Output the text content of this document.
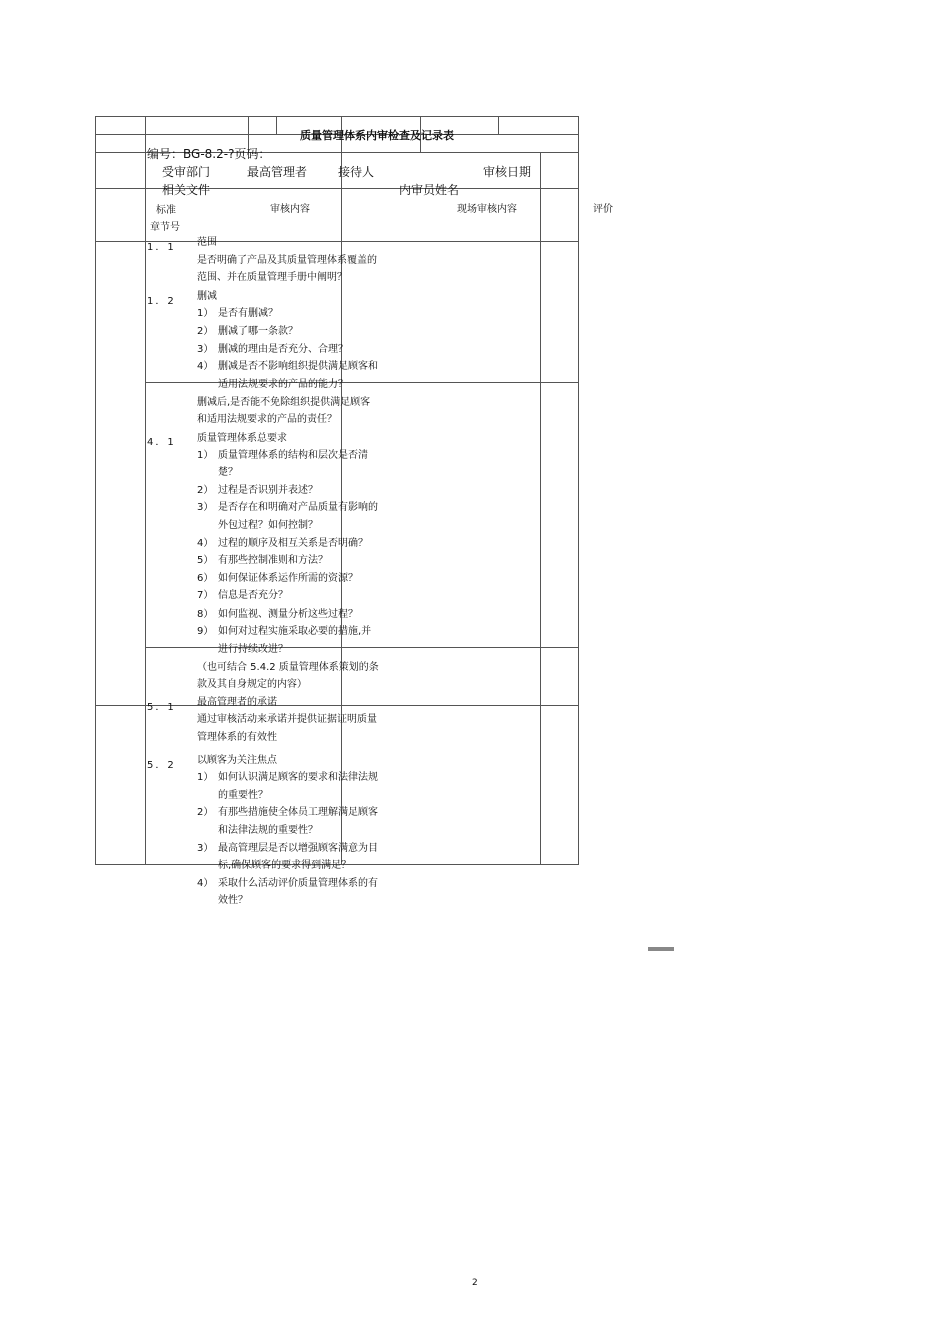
质量管理体系内审检查及记录表
编号：BG-8.2-?页码：
受审部门	最高管理者	接待人	审核日期
相关文件	内审员姓名
标准
章节号
审核内容	现场审核内容	评价
1．1 范围
是否明确了产品及其质量管理体系覆盖的
范围、并在质量管理手册中阐明？
1．2 删减
1） 是否有删减？
2） 删减了哪一条款？
3） 删减的理由是否充分、合理？
4） 删减是否不影响组织提供满足顾客和
适用法规要求的产品的能力？
删减后,是否能不免除组织提供满足顾客
和适用法规要求的产品的责任？
4．1 质量管理体系总要求
1） 质量管理体系的结构和层次是否清
楚？
2） 过程是否识别并表述？
3） 是否存在和明确对产品质量有影响的
外包过程？如何控制？
4） 过程的顺序及相互关系是否明确？
5） 有那些控制准则和方法？
6） 如何保证体系运作所需的资源？
7） 信息是否充分？
8） 如何监视、测量分析这些过程？
9） 如何对过程实施采取必要的措施,并
进行持续改进？
（也可结合 5.4.2 质量管理体系策划的条
款及其自身规定的内容）
5．1 最高管理者的承诺
通过审核活动来承诺并提供证据证明质量
管理体系的有效性
5．2 以顾客为关注焦点
1） 如何认识满足顾客的要求和法律法规
的重要性？
2） 有那些措施使全体员工理解满足顾客
和法律法规的重要性？
3） 最高管理层是否以增强顾客满意为目
标,确保顾客的要求得到满足？
4） 采取什么活动评价质量管理体系的有
效性？
2
